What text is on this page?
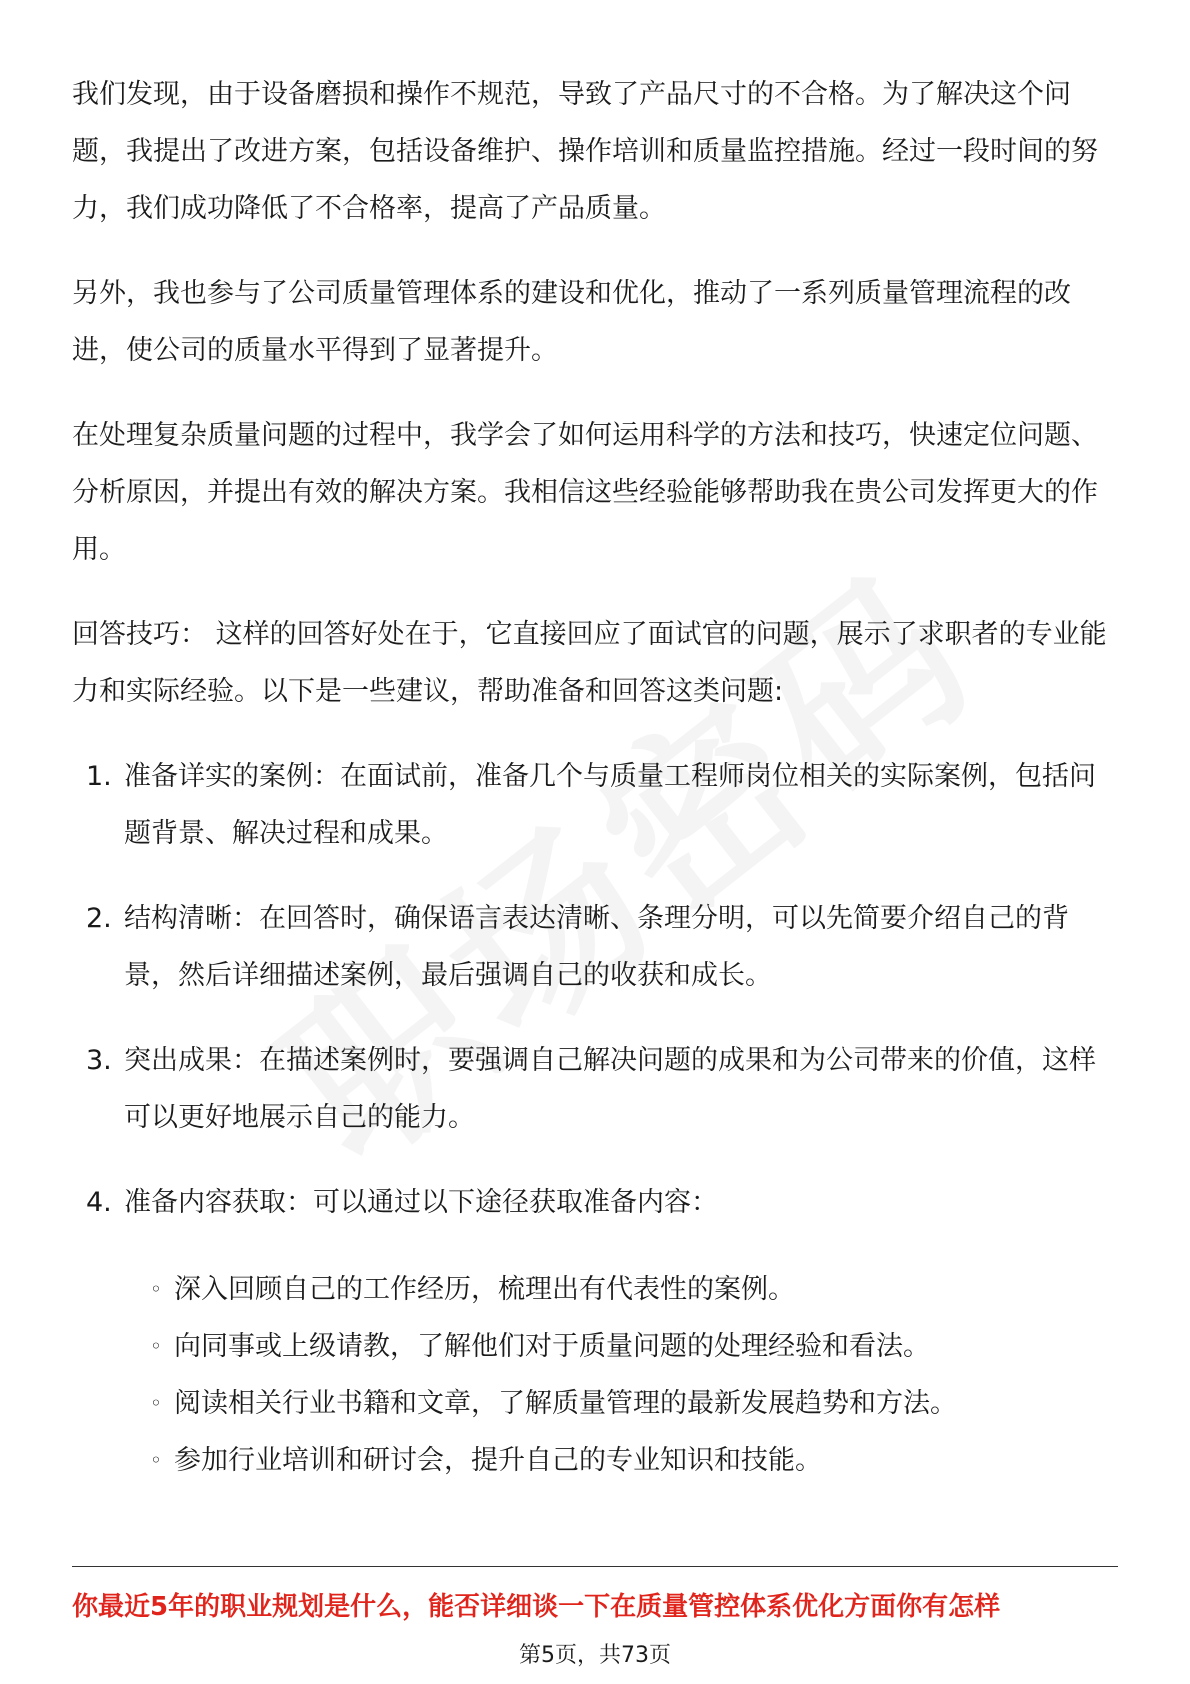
我们发现，由于设备磨损和操作不规范，导致了产品尺寸的不合格。为了解决这个问题，我提出了改进方案，包括设备维护、操作培训和质量监控措施。经过一段时间的努力，我们成功降低了不合格率，提高了产品质量。

另外，我也参与了公司质量管理体系的建设和优化，推动了一系列质量管理流程的改进，使公司的质量水平得到了显著提升。

在处理复杂质量问题的过程中，我学会了如何运用科学的方法和技巧，快速定位问题、分析原因，并提出有效的解决方案。我相信这些经验能够帮助我在贵公司发挥更大的作用。

回答技巧： 这样的回答好处在于，它直接回应了面试官的问题，展示了求职者的专业能力和实际经验。以下是一些建议，帮助准备和回答这类问题:

1. 准备详实的案例：在面试前，准备几个与质量工程师岗位相关的实际案例，包括问题背景、解决过程和成果。
2. 结构清晰：在回答时，确保语言表达清晰、条理分明，可以先简要介绍自己的背景，然后详细描述案例，最后强调自己的收获和成长。
3. 突出成果：在描述案例时，要强调自己解决问题的成果和为公司带来的价值，这样可以更好地展示自己的能力。
4. 准备内容获取：可以通过以下途径获取准备内容：
◦ 深入回顾自己的工作经历，梳理出有代表性的案例。
◦ 向同事或上级请教，了解他们对于质量问题的处理经验和看法。
◦ 阅读相关行业书籍和文章，了解质量管理的最新发展趋势和方法。
◦ 参加行业培训和研讨会，提升自己的专业知识和技能。
你最近5年的职业规划是什么，能否详细谈一下在质量管控体系优化方面你有怎样
第5页，共73页
